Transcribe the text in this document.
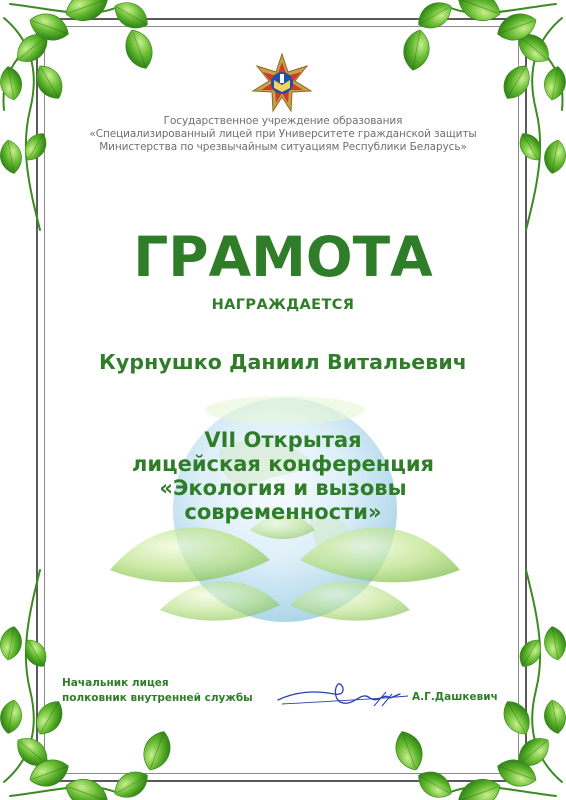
Государственное учреждение образования
«Специализированный лицей при Университете гражданской защиты
Министерства по чрезвычайным ситуациям Республики Беларусь»
ГРАМОТА
НАГРАЖДАЕТСЯ
Курнушко Даниил Витальевич
VII Открытая
лицейская конференция
«Экология и вызовы
современности»
Начальник лицея
полковник внутренней службы	А.Г.Дашкевич
